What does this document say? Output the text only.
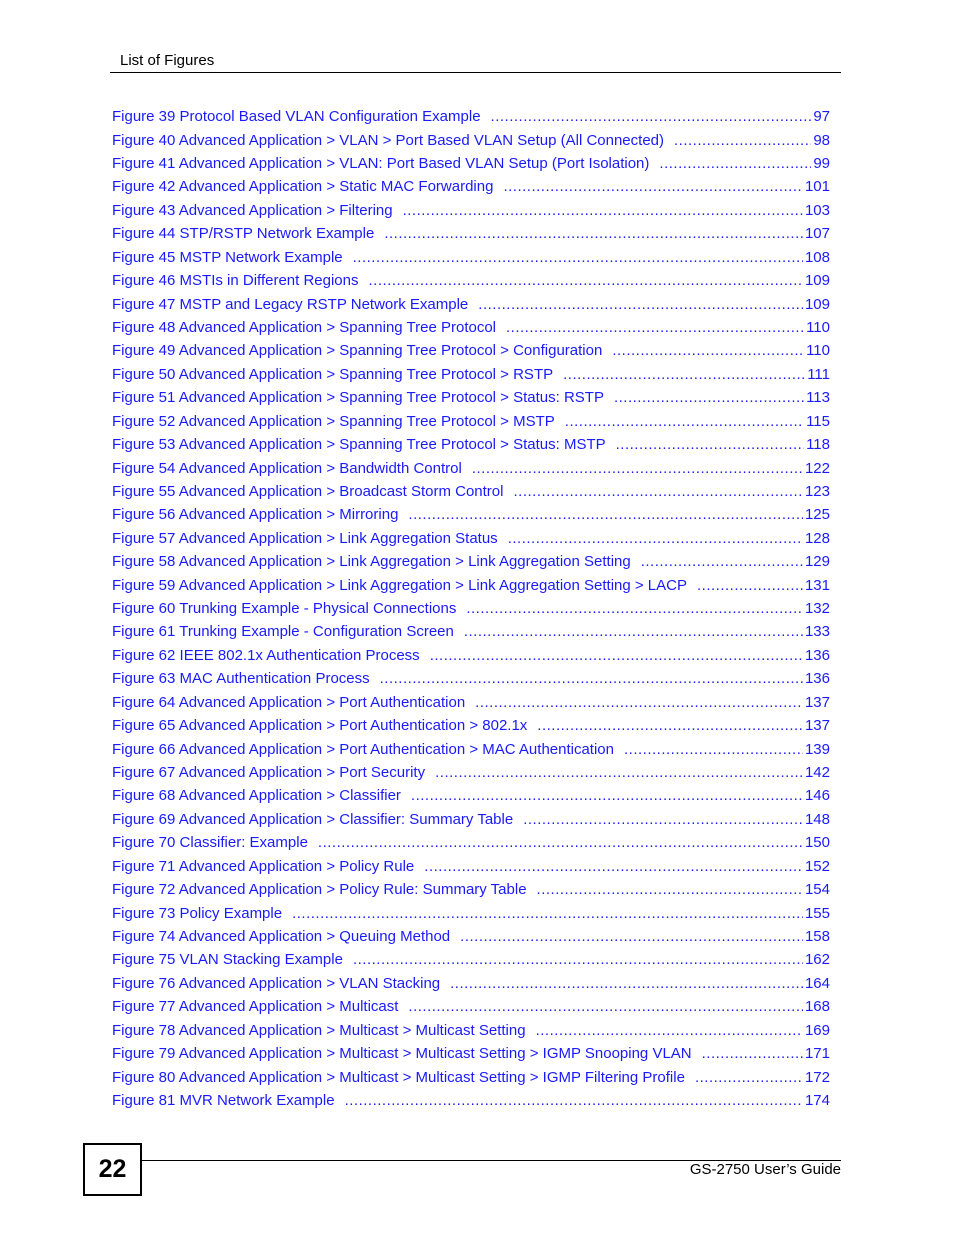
List of Figures
Figure 39 Protocol Based VLAN Configuration Example .....	97
Figure 40 Advanced Application > VLAN > Port Based VLAN Setup (All Connected) .....	98
Figure 41 Advanced Application > VLAN: Port Based VLAN Setup (Port Isolation) .....	99
Figure 42 Advanced Application > Static MAC Forwarding .....	101
Figure 43 Advanced Application > Filtering .....	103
Figure 44 STP/RSTP Network Example .....	107
Figure 45 MSTP Network Example .....	108
Figure 46 MSTIs in Different Regions .....	109
Figure 47 MSTP and Legacy RSTP Network Example .....	109
Figure 48 Advanced Application > Spanning Tree Protocol .....	110
Figure 49 Advanced Application > Spanning Tree Protocol > Configuration .....	110
Figure 50 Advanced Application > Spanning Tree Protocol > RSTP .....	111
Figure 51 Advanced Application > Spanning Tree Protocol > Status: RSTP .....	113
Figure 52 Advanced Application > Spanning Tree Protocol > MSTP .....	115
Figure 53 Advanced Application > Spanning Tree Protocol > Status: MSTP .....	118
Figure 54 Advanced Application > Bandwidth Control .....	122
Figure 55 Advanced Application > Broadcast Storm Control .....	123
Figure 56 Advanced Application > Mirroring .....	125
Figure 57 Advanced Application > Link Aggregation Status .....	128
Figure 58 Advanced Application > Link Aggregation > Link Aggregation Setting .....	129
Figure 59 Advanced Application > Link Aggregation > Link Aggregation Setting > LACP .....	131
Figure 60 Trunking Example - Physical Connections .....	132
Figure 61 Trunking Example - Configuration Screen .....	133
Figure 62 IEEE 802.1x Authentication Process .....	136
Figure 63 MAC Authentication Process .....	136
Figure 64 Advanced Application > Port Authentication .....	137
Figure 65 Advanced Application > Port Authentication > 802.1x .....	137
Figure 66 Advanced Application > Port Authentication > MAC Authentication .....	139
Figure 67 Advanced Application > Port Security .....	142
Figure 68 Advanced Application > Classifier .....	146
Figure 69 Advanced Application > Classifier: Summary Table .....	148
Figure 70 Classifier: Example .....	150
Figure 71 Advanced Application > Policy Rule .....	152
Figure 72 Advanced Application > Policy Rule: Summary Table .....	154
Figure 73 Policy Example .....	155
Figure 74 Advanced Application > Queuing Method .....	158
Figure 75 VLAN Stacking Example .....	162
Figure 76 Advanced Application > VLAN Stacking .....	164
Figure 77 Advanced Application > Multicast .....	168
Figure 78 Advanced Application > Multicast > Multicast Setting .....	169
Figure 79 Advanced Application > Multicast > Multicast Setting > IGMP Snooping VLAN .....	171
Figure 80 Advanced Application > Multicast > Multicast Setting > IGMP Filtering Profile .....	172
Figure 81 MVR Network Example .....	174
22	GS-2750 User’s Guide
